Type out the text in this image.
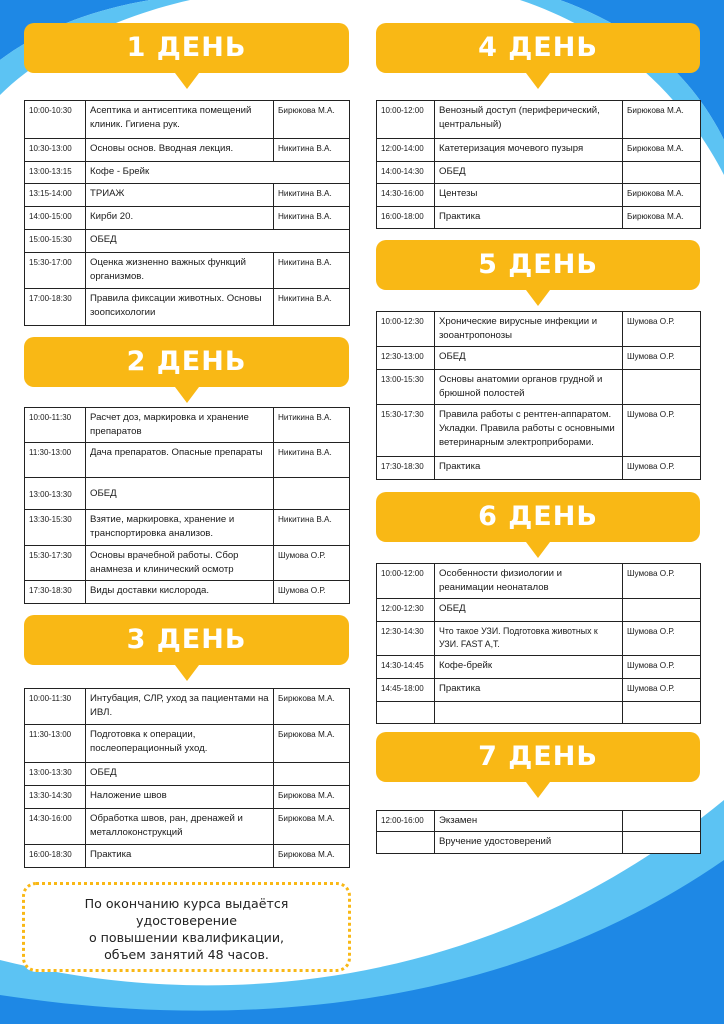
1 ДЕНЬ
10:00-10:30	Асептика и антисептика помещений клиник. Гигиена рук.	Бирюкова М.А.
10:30-13:00	Основы основ. Вводная лекция.	Никитина В.А.
13:00-13:15	Кофе - Брейк	
13:15-14:00	ТРИАЖ	Никитина В.А.
14:00-15:00	Кирби 20.	Никитина В.А.
15:00-15:30	ОБЕД	
15:30-17:00	Оценка жизненно важных функций организмов.	Никитина В.А.
17:00-18:30	Правила фиксации животных. Основы зоопсихологии	Никитина В.А.
2 ДЕНЬ
10:00-11:30	Расчет доз, маркировка и хранение препаратов	Нитикина В.А.
11:30-13:00	Дача препаратов. Опасные препараты	Никитина В.А.
13:00-13:30	ОБЕД	
13:30-15:30	Взятие, маркировка, хранение и транспортировка анализов.	Никитина В.А.
15:30-17:30	Основы врачебной работы. Сбор анамнеза и клинический осмотр	Шумова О.Р.
17:30-18:30	Виды доставки кислорода.	Шумова О.Р.
3 ДЕНЬ
10:00-11:30	Интубация, СЛР, уход за пациентами на ИВЛ.	Бирюкова М.А.
11:30-13:00	Подготовка к операции, послеоперационный уход.	Бирюкова М.А.
13:00-13:30	ОБЕД	
13:30-14:30	Наложение швов	Бирюкова М.А.
14:30-16:00	Обработка швов, ран, дренажей и металлоконструкций	Бирюкова М.А.
16:00-18:30	Практика	Бирюкова М.А.
По окончанию курса выдаётся
удостоверение
о повышении квалификации,
объем занятий 48 часов.
4 ДЕНЬ
10:00-12:00	Венозный доступ (периферический, центральный)	Бирюкова М.А.
12:00-14:00	Катетеризация мочевого пузыря	Бирюкова М.А.
14:00-14:30	ОБЕД	
14:30-16:00	Центезы	Бирюкова М.А.
16:00-18:00	Практика	Бирюкова М.А.
5 ДЕНЬ
10:00-12:30	Хронические вирусные инфекции и зооантропонозы	Шумова О.Р.
12:30-13:00	ОБЕД	Шумова О.Р.
13:00-15:30	Основы анатомии органов грудной и брюшной полостей	
15:30-17:30	Правила работы с рентген-аппаратом. Укладки. Правила работы с основными ветеринарным электроприборами.	Шумова О.Р.
17:30-18:30	Практика	Шумова О.Р.
6 ДЕНЬ
10:00-12:00	Особенности физиологии и реанимации неонаталов	Шумова О.Р.
12:00-12:30	ОБЕД	
12:30-14:30	Что такое УЗИ. Подготовка животных к УЗИ. FAST A,T.	Шумова О.Р.
14:30-14:45	Кофе-брейк	Шумова О.Р.
14:45-18:00	Практика	Шумова О.Р.

7 ДЕНЬ
12:00-16:00	Экзамен	
	Вручение удостоверений	
